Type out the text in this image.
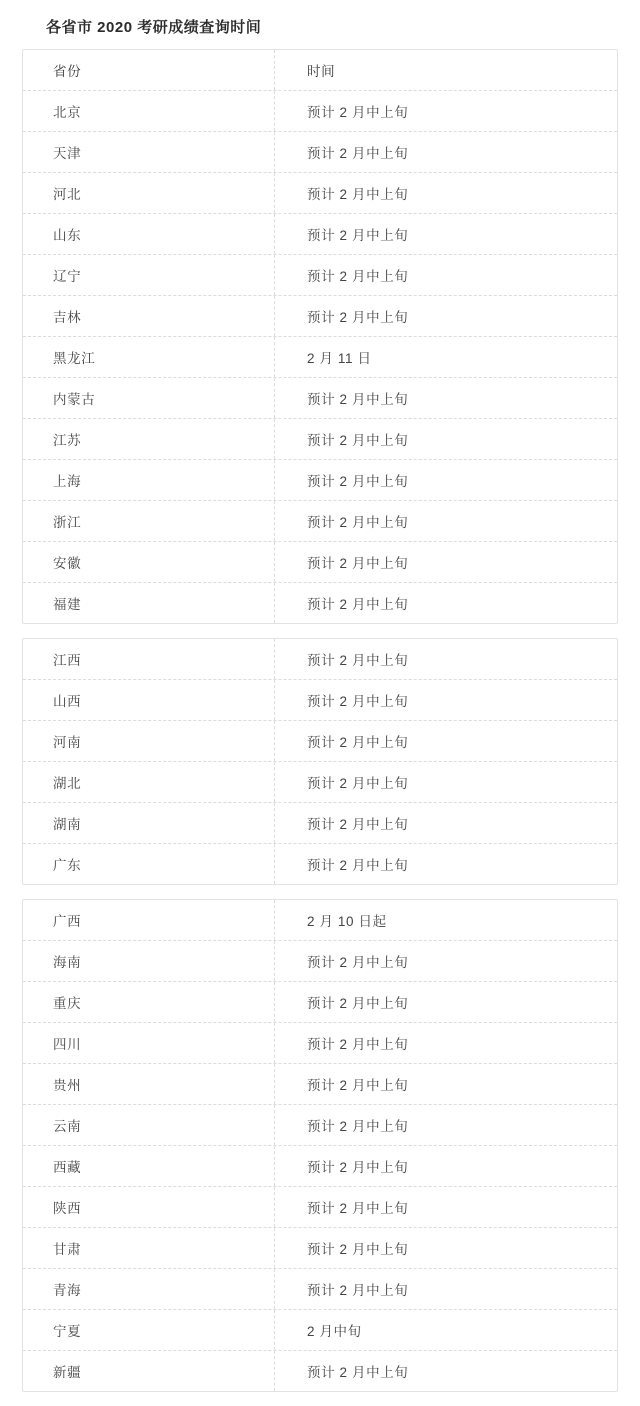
各省市 2020 考研成绩查询时间
省份	时间
北京	预计 2 月中上旬
天津	预计 2 月中上旬
河北	预计 2 月中上旬
山东	预计 2 月中上旬
辽宁	预计 2 月中上旬
吉林	预计 2 月中上旬
黑龙江	2 月 11 日
内蒙古	预计 2 月中上旬
江苏	预计 2 月中上旬
上海	预计 2 月中上旬
浙江	预计 2 月中上旬
安徽	预计 2 月中上旬
福建	预计 2 月中上旬
江西	预计 2 月中上旬
山西	预计 2 月中上旬
河南	预计 2 月中上旬
湖北	预计 2 月中上旬
湖南	预计 2 月中上旬
广东	预计 2 月中上旬
广西	2 月 10 日起
海南	预计 2 月中上旬
重庆	预计 2 月中上旬
四川	预计 2 月中上旬
贵州	预计 2 月中上旬
云南	预计 2 月中上旬
西藏	预计 2 月中上旬
陕西	预计 2 月中上旬
甘肃	预计 2 月中上旬
青海	预计 2 月中上旬
宁夏	2 月中旬
新疆	预计 2 月中上旬
